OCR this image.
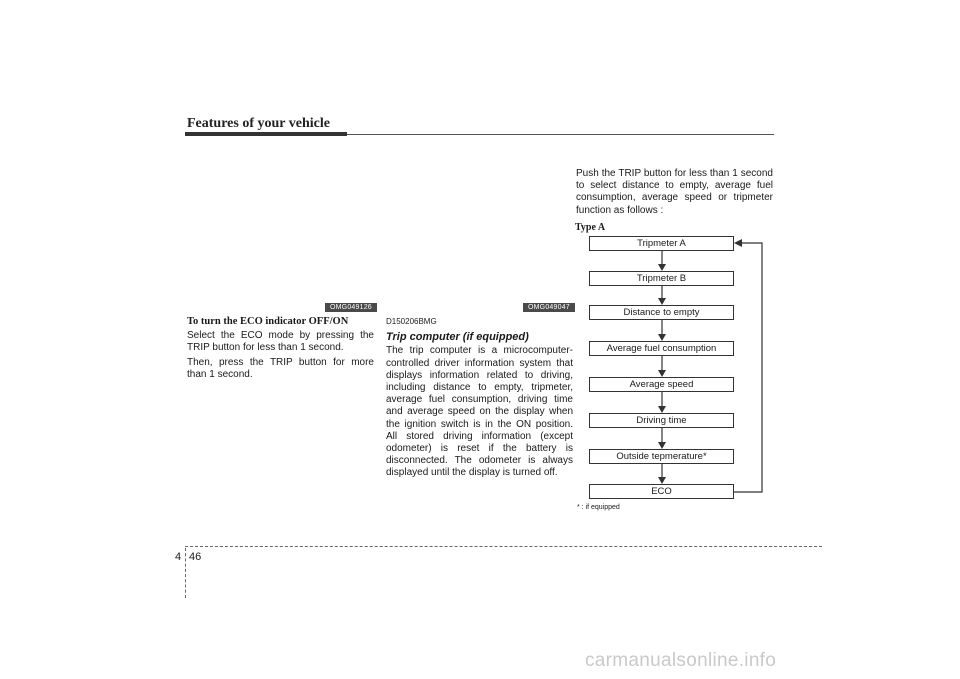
Features of your vehicle
OMG049126

To turn the ECO indicator OFF/ON

Select the ECO mode by pressing the TRIP button for less than 1 second.

Then, press the TRIP button for more than 1 second.

OMG049047

D150206BMG

Trip computer (if equipped)

The trip computer is a microcomputer-controlled driver information system that displays information related to driving, including distance to empty, tripmeter, average fuel consumption, driving time and average speed on the display when the ignition switch is in the ON position. All stored driving information (except odometer) is reset if the battery is disconnected. The odometer is always displayed until the display is turned off.

Push the TRIP button for less than 1 second to select distance to empty, average fuel consumption, average speed or tripmeter function as follows :

Type A
Tripmeter A
Tripmeter B
Distance to empty
Average fuel consumption
Average speed
Driving time
Outside tepmerature*
ECO
* : if equipped
4 46
carmanualsonline.info
